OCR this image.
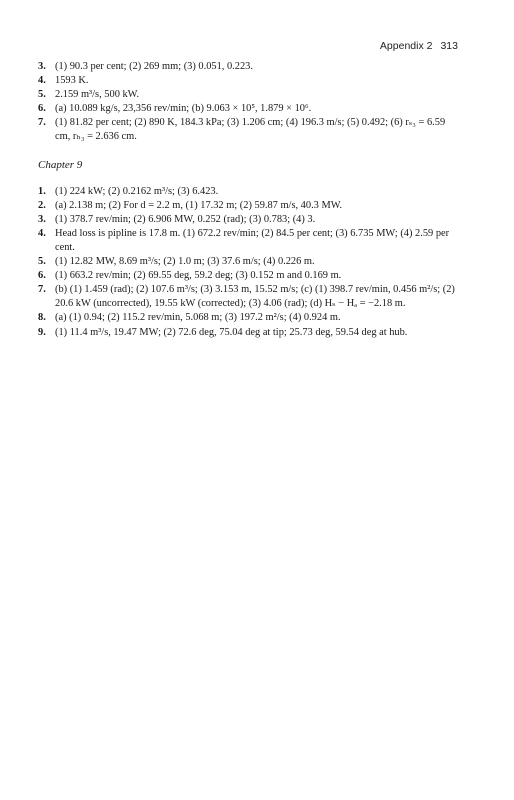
Appendix 2 313
3. (1) 90.3 per cent; (2) 269 mm; (3) 0.051, 0.223.
4. 1593 K.
5. 2.159 m³/s, 500 kW.
6. (a) 10.089 kg/s, 23,356 rev/min; (b) 9.063 × 10⁵, 1.879 × 10⁶.
7. (1) 81.82 per cent; (2) 890 K, 184.3 kPa; (3) 1.206 cm; (4) 196.3 m/s; (5) 0.492; (6) rₛ₃ = 6.59 cm, rₕ₃ = 2.636 cm.
Chapter 9
1. (1) 224 kW; (2) 0.2162 m³/s; (3) 6.423.
2. (a) 2.138 m; (2) For d = 2.2 m, (1) 17.32 m; (2) 59.87 m/s, 40.3 MW.
3. (1) 378.7 rev/min; (2) 6.906 MW, 0.252 (rad); (3) 0.783; (4) 3.
4. Head loss is pipline is 17.8 m. (1) 672.2 rev/min; (2) 84.5 per cent; (3) 6.735 MW; (4) 2.59 per cent.
5. (1) 12.82 MW, 8.69 m³/s; (2) 1.0 m; (3) 37.6 m/s; (4) 0.226 m.
6. (1) 663.2 rev/min; (2) 69.55 deg, 59.2 deg; (3) 0.152 m and 0.169 m.
7. (b) (1) 1.459 (rad); (2) 107.6 m³/s; (3) 3.153 m, 15.52 m/s; (c) (1) 398.7 rev/min, 0.456 m²/s; (2) 20.6 kW (uncorrected), 19.55 kW (corrected); (3) 4.06 (rad); (d) Hₛ − Hₐ = −2.18 m.
8. (a) (1) 0.94; (2) 115.2 rev/min, 5.068 m; (3) 197.2 m²/s; (4) 0.924 m.
9. (1) 11.4 m³/s, 19.47 MW; (2) 72.6 deg, 75.04 deg at tip; 25.73 deg, 59.54 deg at hub.
